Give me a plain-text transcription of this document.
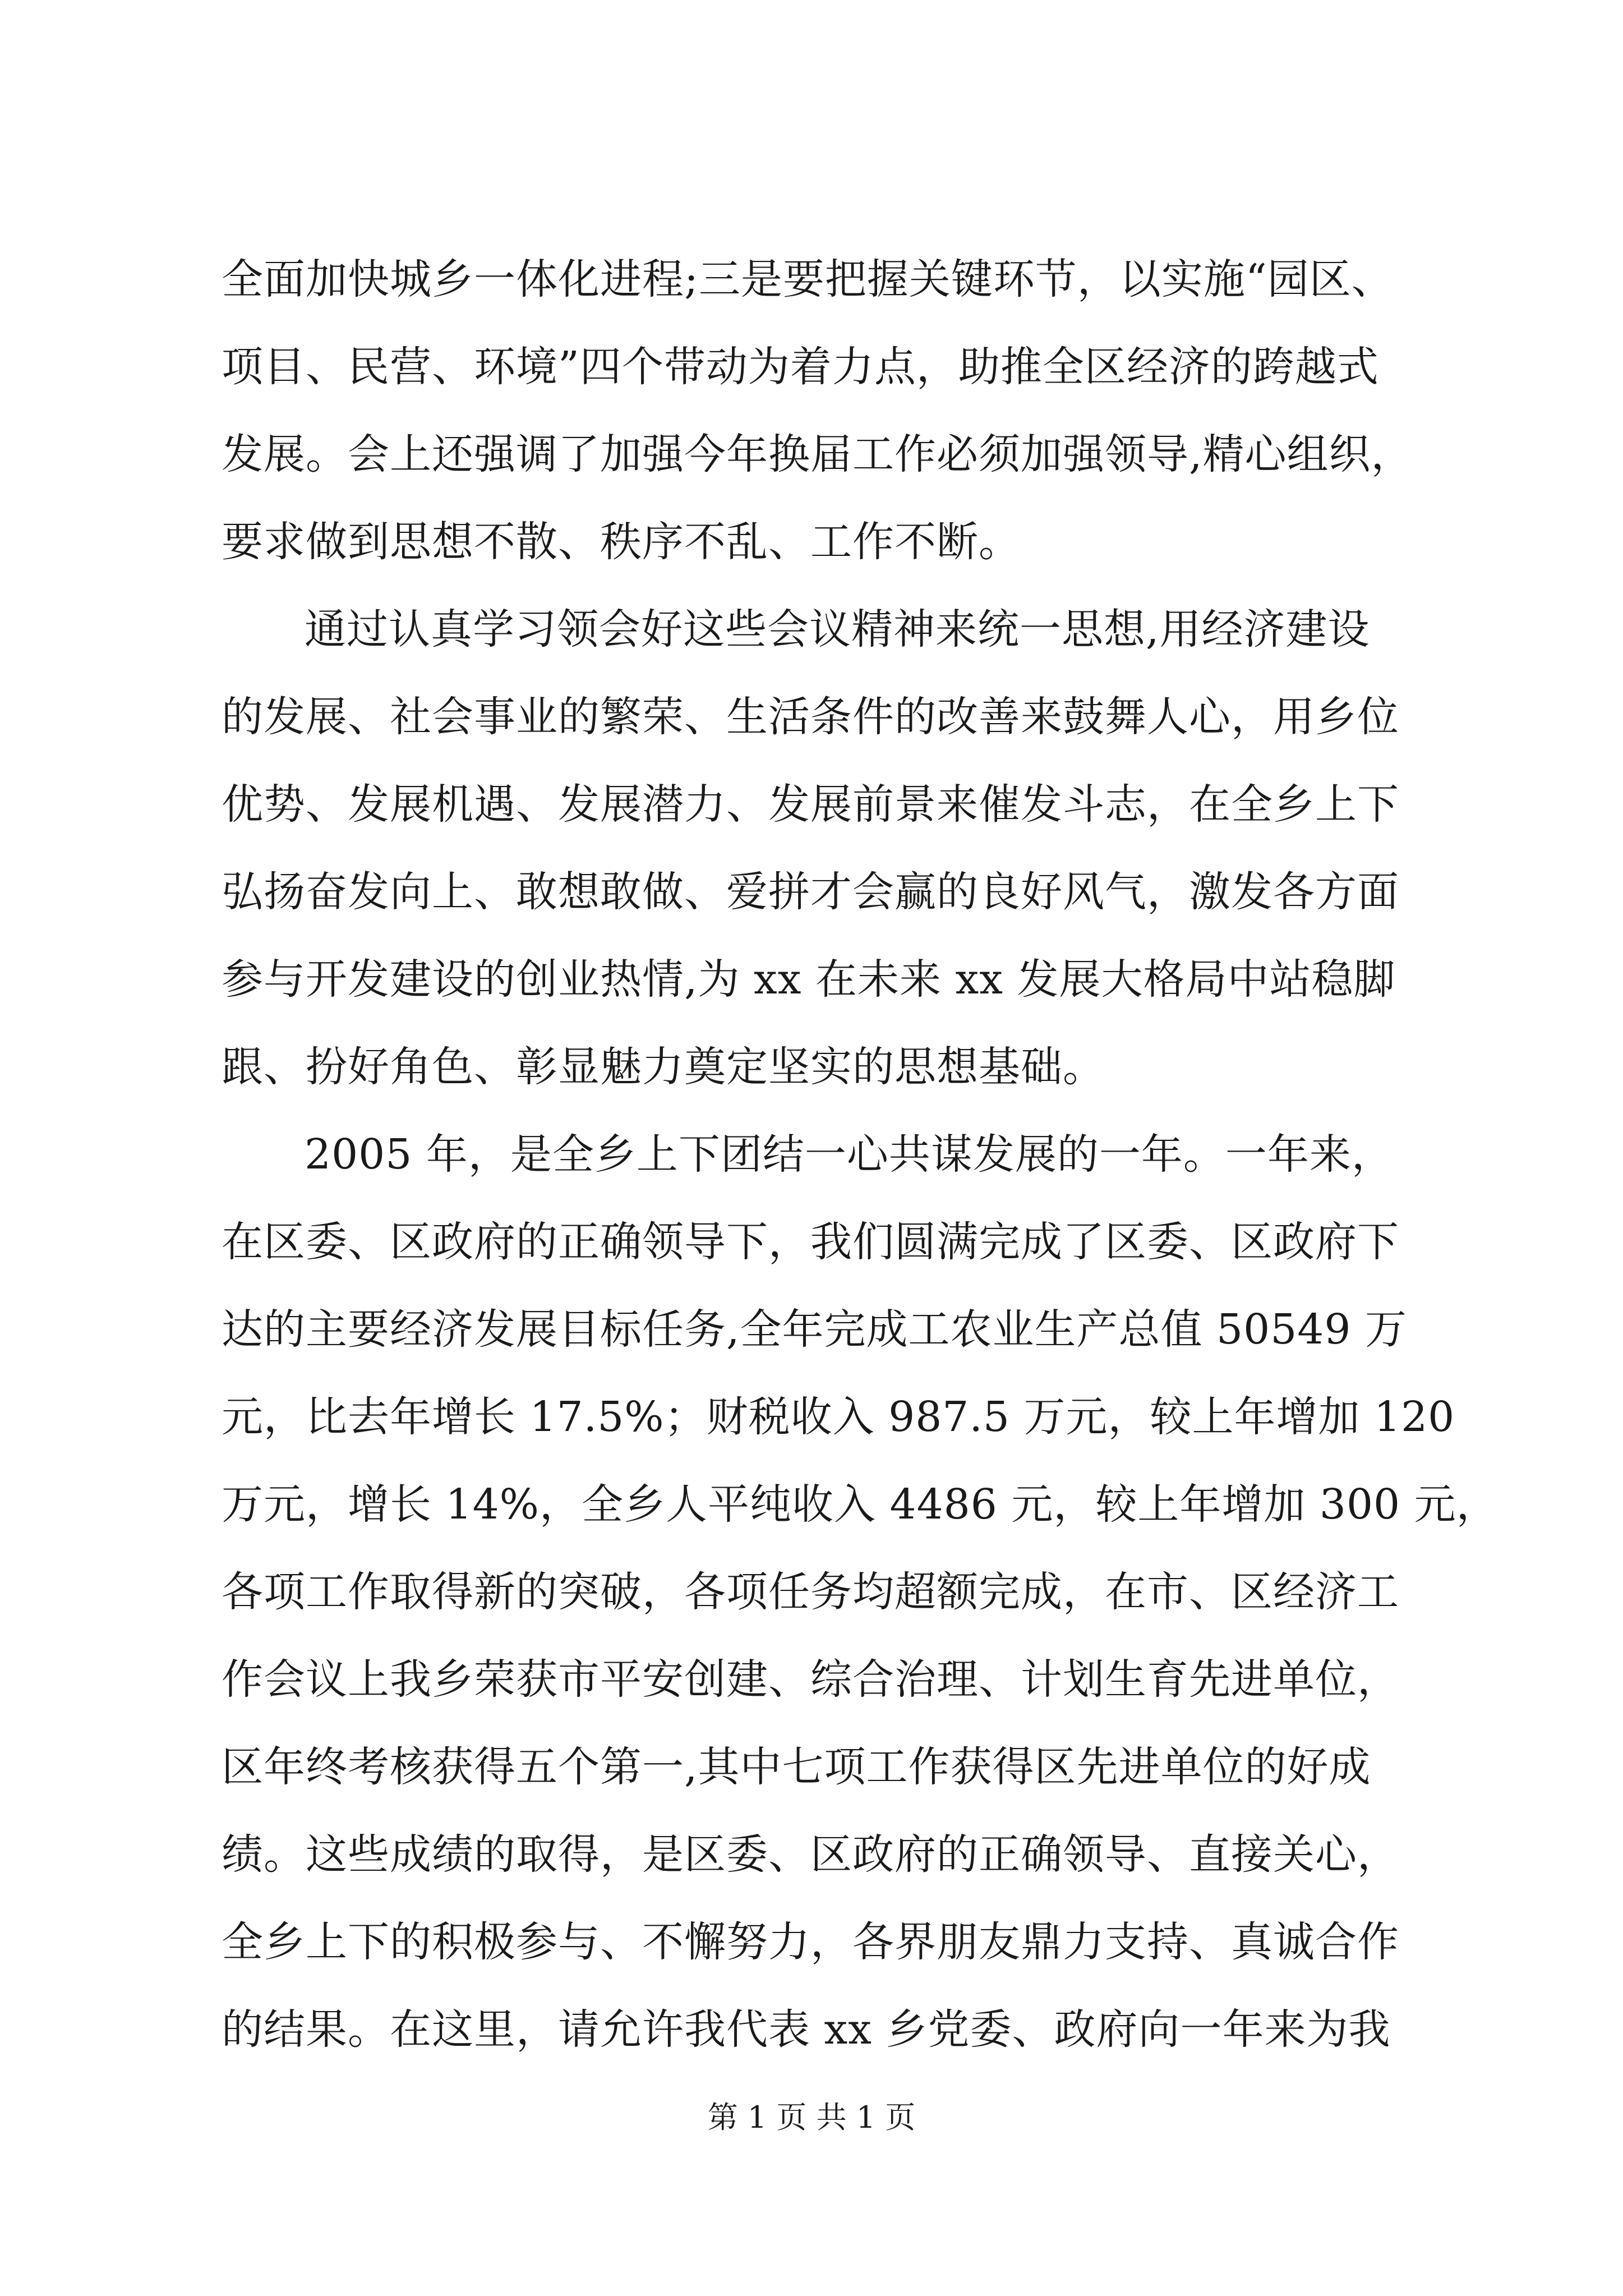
全面加快城乡一体化进程;三是要把握关键环节，以实施“园区、
项目、民营、环境”四个带动为着力点，助推全区经济的跨越式
发展。会上还强调了加强今年换届工作必须加强领导,精心组织，
要求做到思想不散、秩序不乱、工作不断。
通过认真学习领会好这些会议精神来统一思想,用经济建设
的发展、社会事业的繁荣、生活条件的改善来鼓舞人心，用乡位
优势、发展机遇、发展潜力、发展前景来催发斗志，在全乡上下
弘扬奋发向上、敢想敢做、爱拼才会赢的良好风气，激发各方面
参与开发建设的创业热情,为 xx 在未来 xx 发展大格局中站稳脚
跟、扮好角色、彰显魅力奠定坚实的思想基础。
2005 年，是全乡上下团结一心共谋发展的一年。一年来，
在区委、区政府的正确领导下，我们圆满完成了区委、区政府下
达的主要经济发展目标任务,全年完成工农业生产总值 50549 万
元，比去年增长 17.5%；财税收入 987.5 万元，较上年增加 120
万元，增长 14%，全乡人平纯收入 4486 元，较上年增加 300 元，
各项工作取得新的突破，各项任务均超额完成，在市、区经济工
作会议上我乡荣获市平安创建、综合治理、计划生育先进单位，
区年终考核获得五个第一,其中七项工作获得区先进单位的好成
绩。这些成绩的取得，是区委、区政府的正确领导、直接关心，
全乡上下的积极参与、不懈努力，各界朋友鼎力支持、真诚合作
的结果。在这里，请允许我代表 xx 乡党委、政府向一年来为我
第 1 页 共 1 页
